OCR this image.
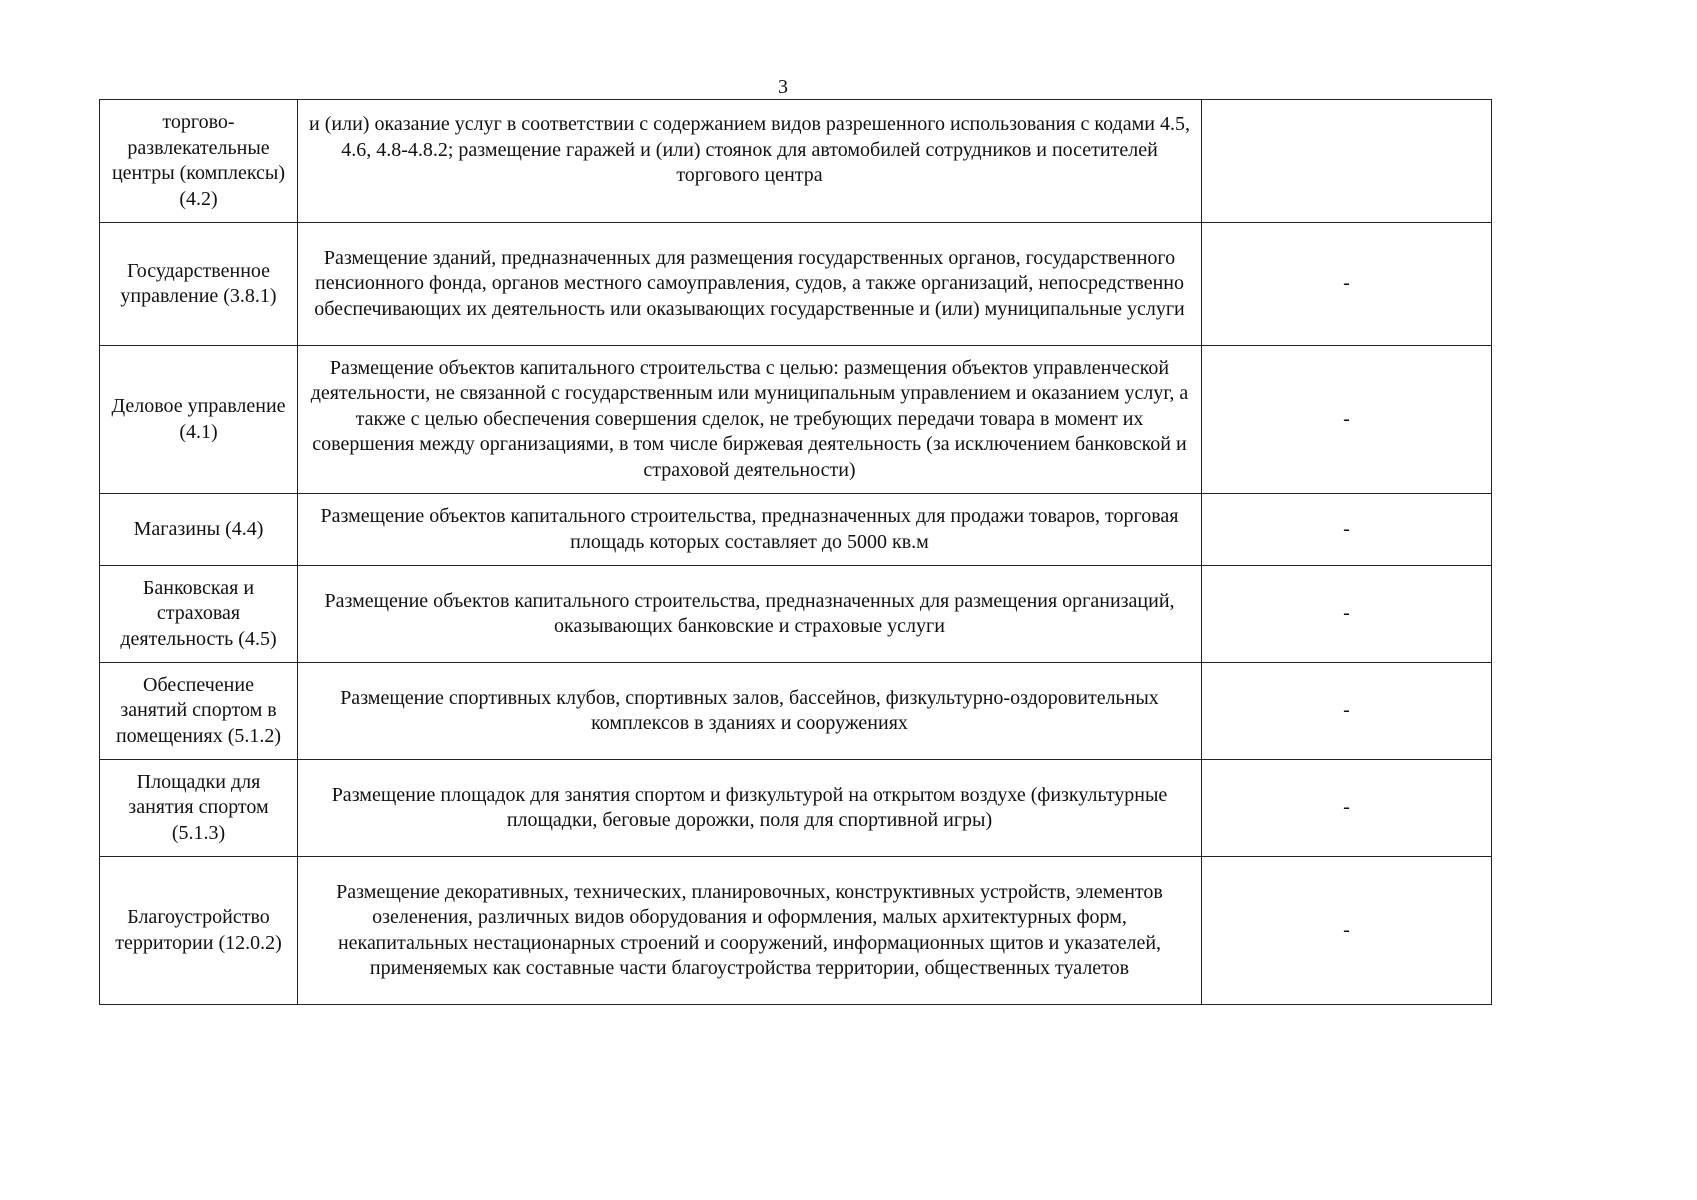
3
торгово-развлекательные центры (комплексы) (4.2)	и (или) оказание услуг в соответствии с содержанием видов разрешенного использования с кодами 4.5, 4.6, 4.8-4.8.2; размещение гаражей и (или) стоянок для автомобилей сотрудников и посетителей торгового центра	
Государственное управление (3.8.1)	Размещение зданий, предназначенных для размещения государственных органов, государственного пенсионного фонда, органов местного самоуправления, судов, а также организаций, непосредственно обеспечивающих их деятельность или оказывающих государственные и (или) муниципальные услуги	-
Деловое управление (4.1)	Размещение объектов капитального строительства с целью: размещения объектов управленческой деятельности, не связанной с государственным или муниципальным управлением и оказанием услуг, а также с целью обеспечения совершения сделок, не требующих передачи товара в момент их совершения между организациями, в том числе биржевая деятельность (за исключением банковской и страховой деятельности)	-
Магазины (4.4)	Размещение объектов капитального строительства, предназначенных для продажи товаров, торговая площадь которых составляет до 5000 кв.м	-
Банковская и страховая деятельность (4.5)	Размещение объектов капитального строительства, предназначенных для размещения организаций, оказывающих банковские и страховые услуги	-
Обеспечение занятий спортом в помещениях (5.1.2)	Размещение спортивных клубов, спортивных залов, бассейнов, физкультурно-оздоровительных комплексов в зданиях и сооружениях	-
Площадки для занятия спортом (5.1.3)	Размещение площадок для занятия спортом и физкультурой на открытом воздухе (физкультурные площадки, беговые дорожки, поля для спортивной игры)	-
Благоустройство территории (12.0.2)	Размещение декоративных, технических, планировочных, конструктивных устройств, элементов озеленения, различных видов оборудования и оформления, малых архитектурных форм, некапитальных нестационарных строений и сооружений, информационных щитов и указателей, применяемых как составные части благоустройства территории, общественных туалетов	-
